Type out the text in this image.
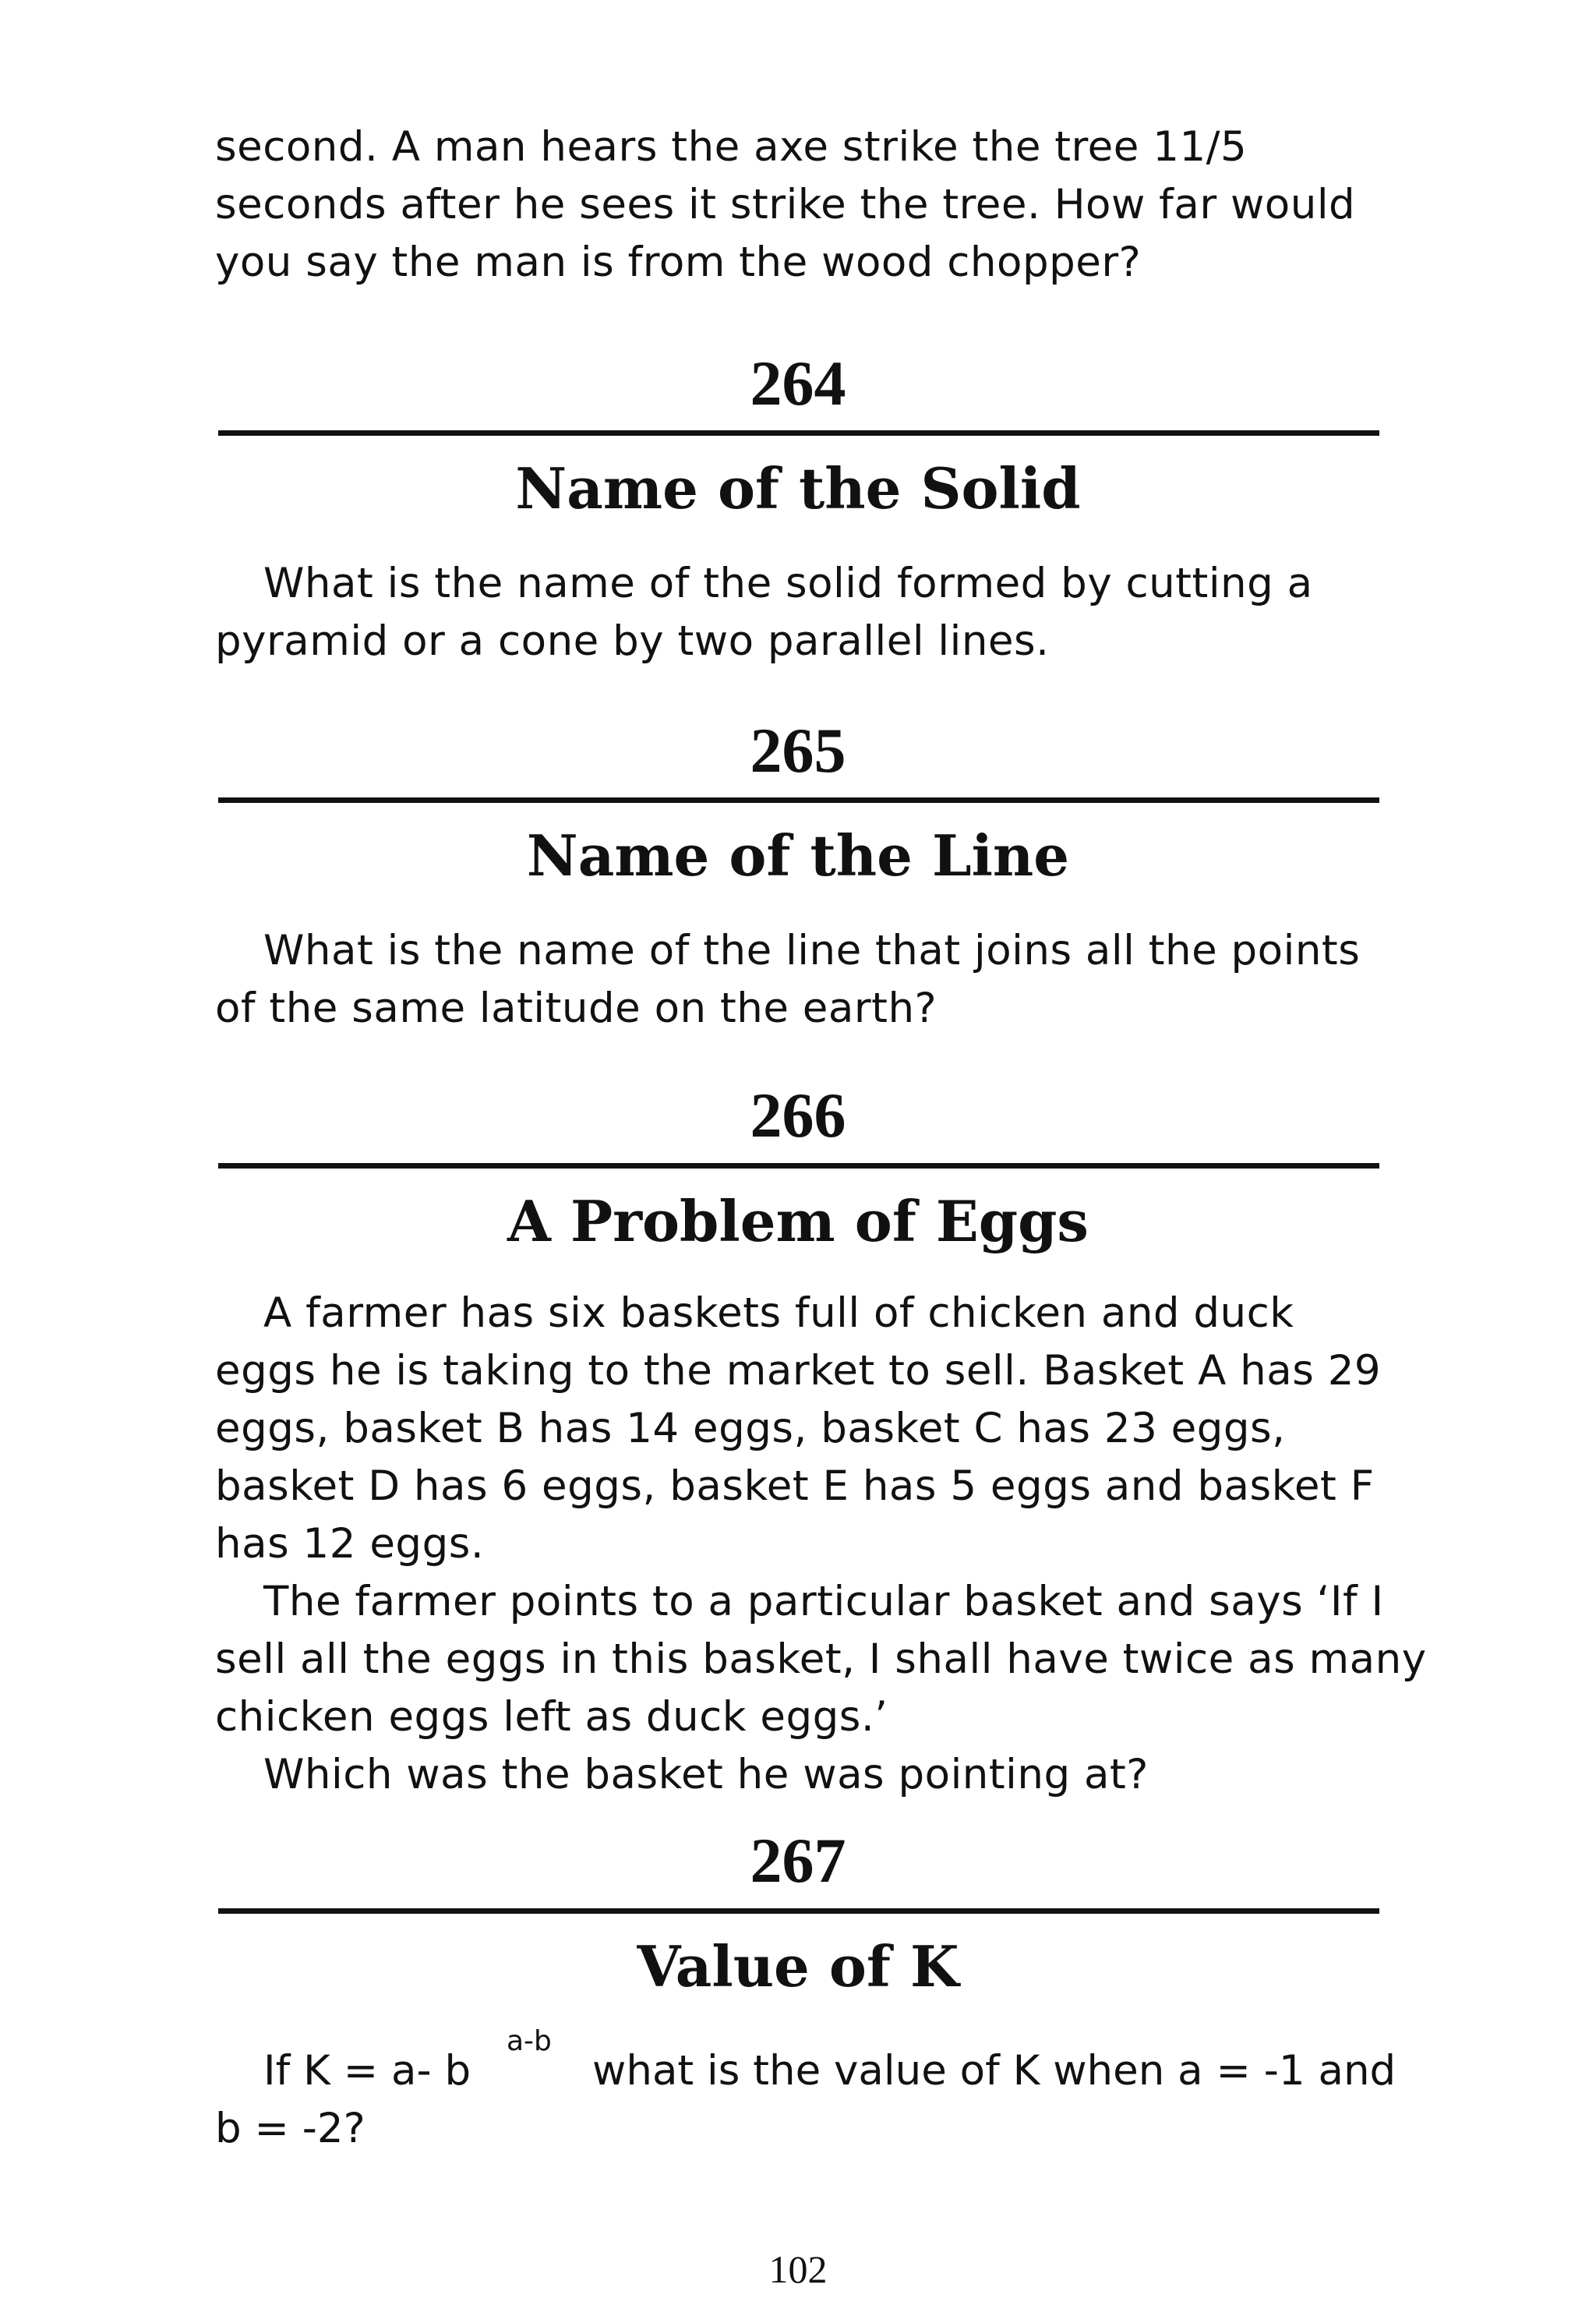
second. A man hears the axe strike the tree 11/5
seconds after he sees it strike the tree. How far would
you say the man is from the wood chopper?
264
Name of the Solid
What is the name of the solid formed by cutting a
pyramid or a cone by two parallel lines.
265
Name of the Line
What is the name of the line that joins all the points
of the same latitude on the earth?
266
A Problem of Eggs
A farmer has six baskets full of chicken and duck
eggs he is taking to the market to sell. Basket A has 29
eggs, basket B has 14 eggs, basket C has 23 eggs,
basket D has 6 eggs, basket E has 5 eggs and basket F
has 12 eggs.
The farmer points to a particular basket and says ‘If I
sell all the eggs in this basket, I shall have twice as many
chicken eggs left as duck eggs.’
Which was the basket he was pointing at?
267
Value of K
If K = a- b
a-b
what is the value of K when a = -1 and
b = -2?
102
